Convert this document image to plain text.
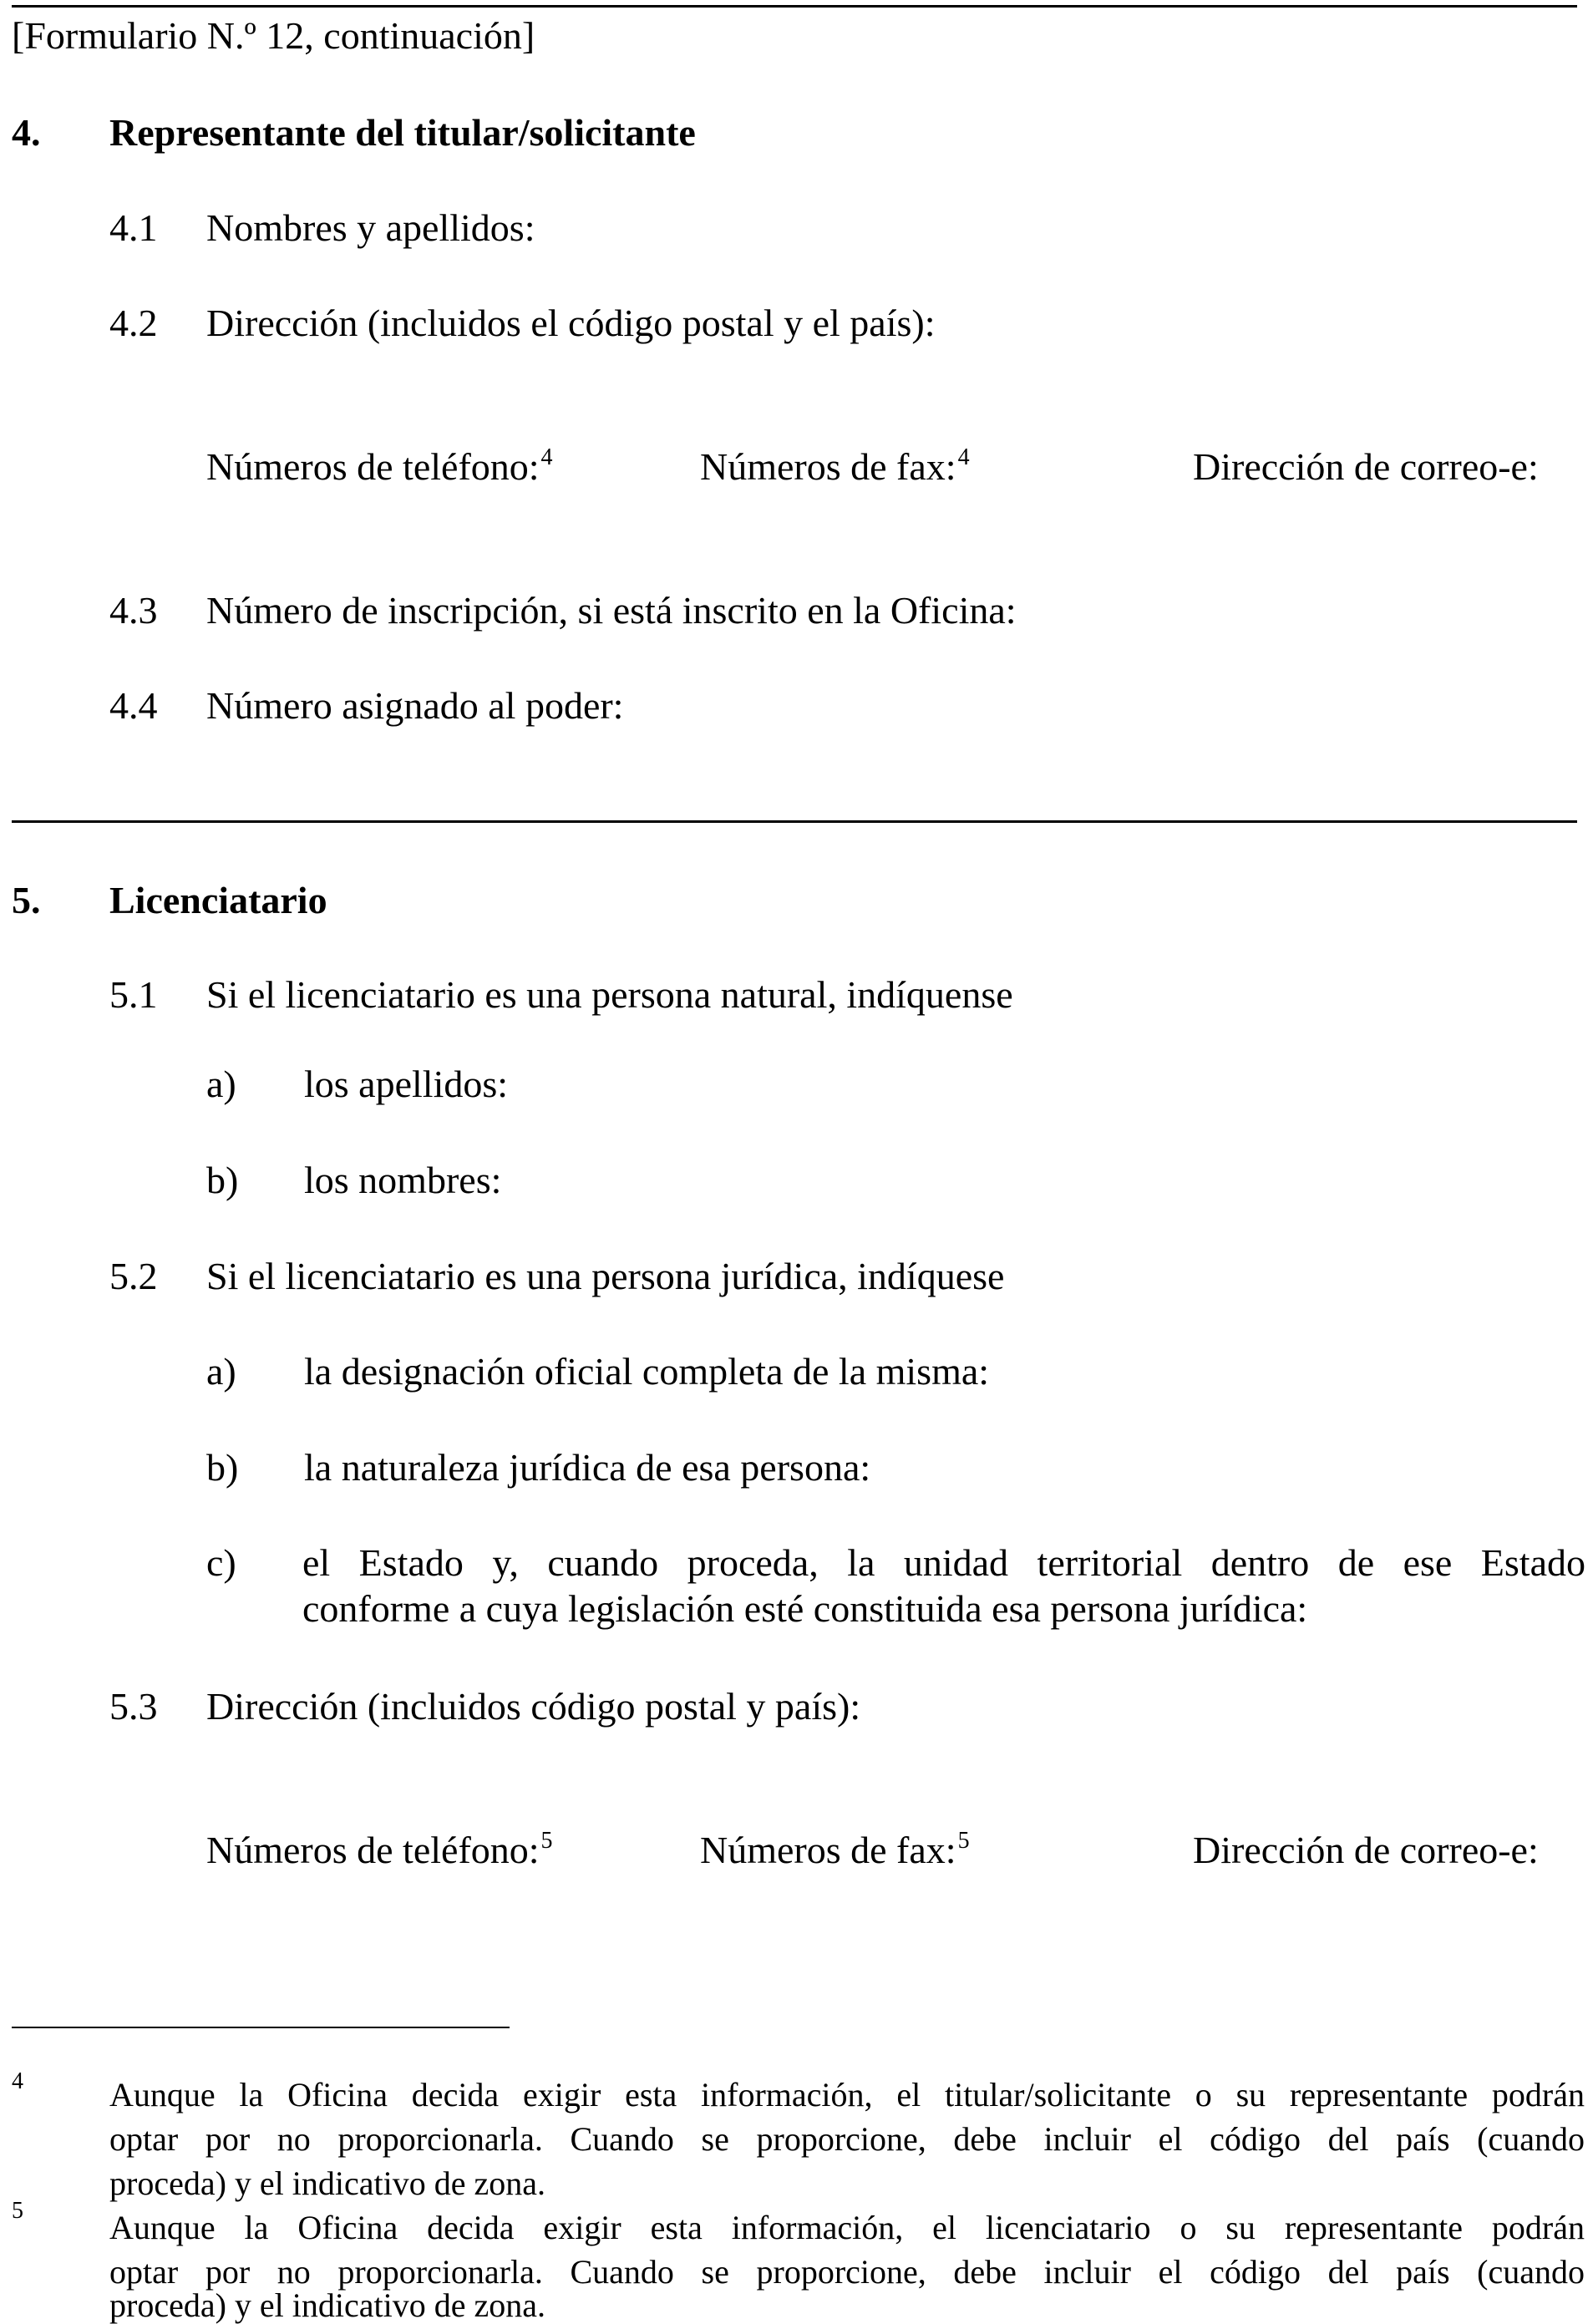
[Formulario N.º 12, continuación]
4. Representante del titular/solicitante
4.1 Nombres y apellidos:
4.2 Dirección (incluidos el código postal y el país):
Números de teléfono:$^4$	Números de fax:$^4$	Dirección de correo-e:
4.3 Número de inscripción, si está inscrito en la Oficina:
4.4 Número asignado al poder:
5. Licenciatario
5.1 Si el licenciatario es una persona natural, indíquense
a) los apellidos:
b) los nombres:
5.2 Si el licenciatario es una persona jurídica, indíquese
a) la designación oficial completa de la misma:
b) la naturaleza jurídica de esa persona:
c) el Estado y, cuando proceda, la unidad territorial dentro de ese Estado
conforme a cuya legislación esté constituida esa persona jurídica:
5.3 Dirección (incluidos código postal y país):
Números de teléfono:$^5$	Números de fax:$^5$	Dirección de correo-e:
4	Aunque la Oficina decida exigir esta información, el titular/solicitante o su representante podrán
optar por no proporcionarla. Cuando se proporcione, debe incluir el código del país (cuando
proceda) y el indicativo de zona.
5	Aunque la Oficina decida exigir esta información, el licenciatario o su representante podrán
optar por no proporcionarla. Cuando se proporcione, debe incluir el código del país (cuando
proceda) y el indicativo de zona.
